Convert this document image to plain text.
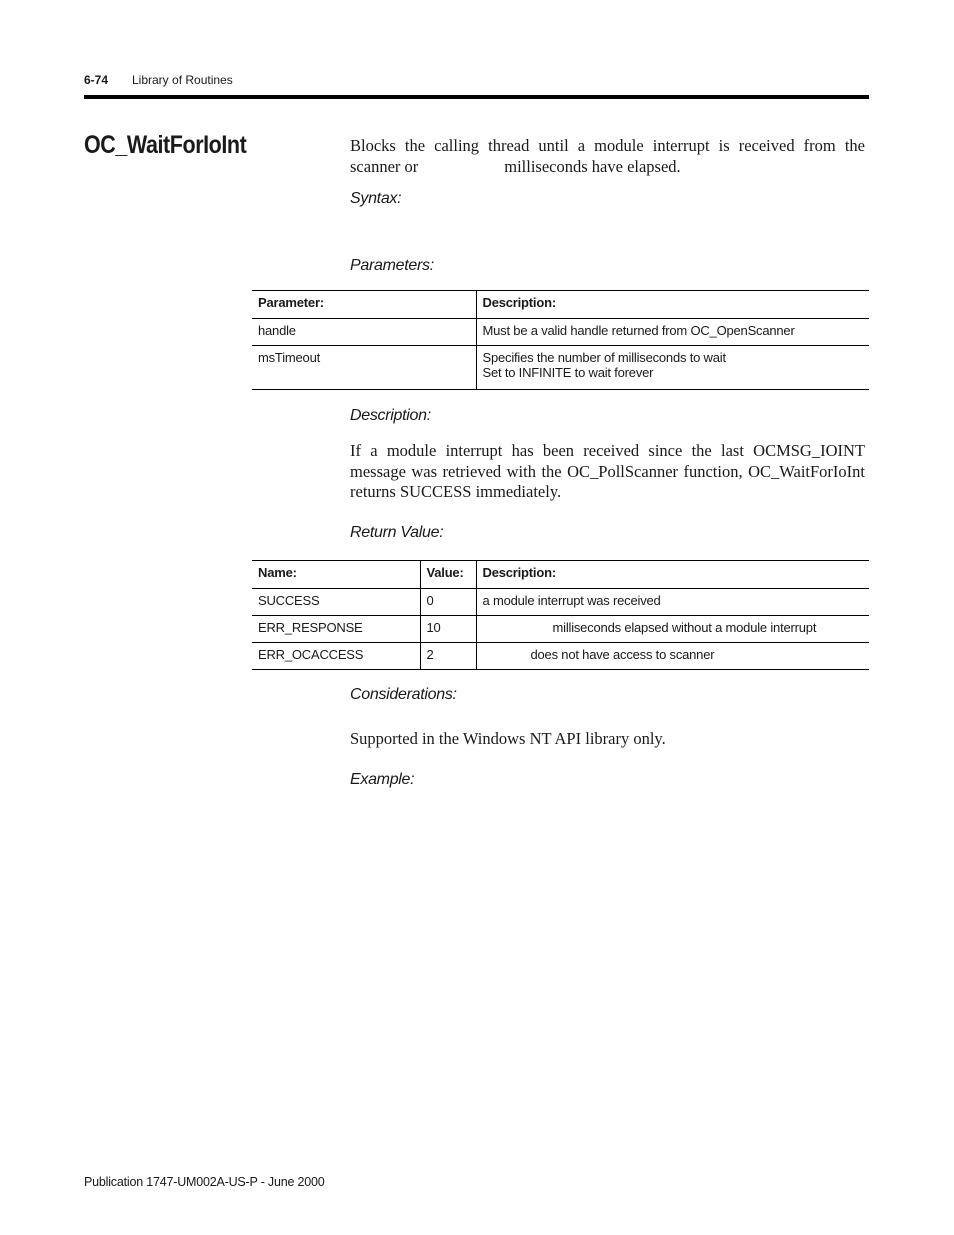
6-74 Library of Routines
OC_WaitForIoInt	Blocks the calling thread until a module interrupt is received from the
scanner or	milliseconds have elapsed.
Syntax:
Parameters:
Parameter:	Description:
handle	Must be a valid handle returned from OC_OpenScanner
msTimeout	Specifies the number of milliseconds to wait
Set to INFINITE to wait forever
Description:
If a module interrupt has been received since the last OCMSG_IOINT message was retrieved with the OC_PollScanner function, OC_WaitForIoInt returns SUCCESS immediately.
Return Value:
Name:	Value:	Description:
SUCCESS	0	a module interrupt was received
ERR_RESPONSE	10	milliseconds elapsed without a module interrupt
ERR_OCACCESS	2	does not have access to scanner
Considerations:
Supported in the Windows NT API library only.
Example:
Publication 1747-UM002A-US-P - June 2000
